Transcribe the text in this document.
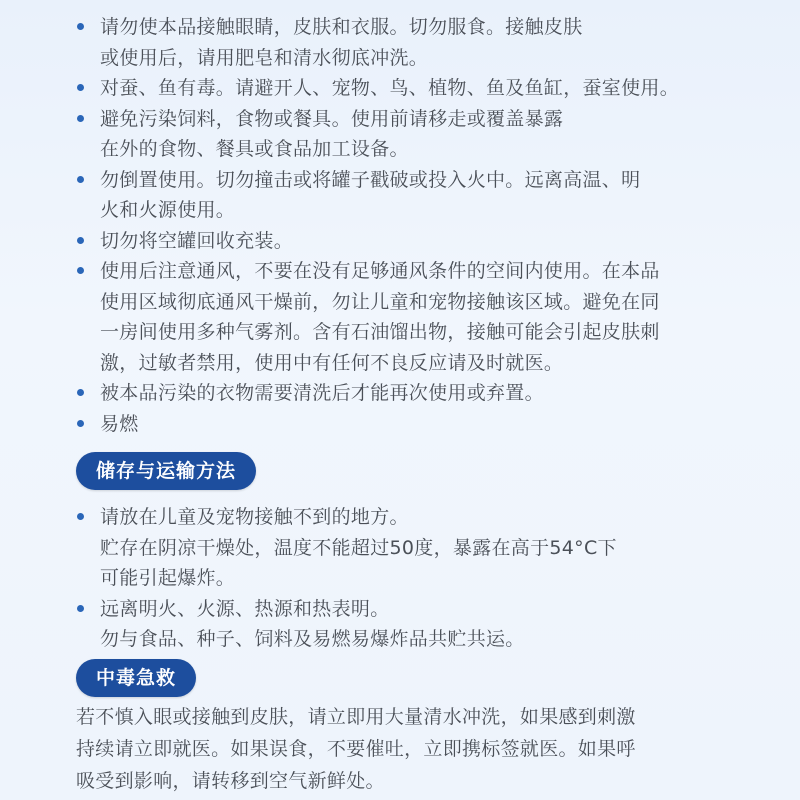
请勿使本品接触眼睛，皮肤和衣服。切勿服食。接触皮肤
或使用后，请用肥皂和清水彻底冲洗。
对蚕、鱼有毒。请避开人、宠物、鸟、植物、鱼及鱼缸，蚕室使用。
避免污染饲料，食物或餐具。使用前请移走或覆盖暴露
在外的食物、餐具或食品加工设备。
勿倒置使用。切勿撞击或将罐子戳破或投入火中。远离高温、明
火和火源使用。
切勿将空罐回收充装。
使用后注意通风，不要在没有足够通风条件的空间内使用。在本品
使用区域彻底通风干燥前，勿让儿童和宠物接触该区域。避免在同
一房间使用多种气雾剂。含有石油馏出物，接触可能会引起皮肤刺
激，过敏者禁用，使用中有任何不良反应请及时就医。
被本品污染的衣物需要清洗后才能再次使用或弃置。
易燃
储存与运输方法
请放在儿童及宠物接触不到的地方。
贮存在阴凉干燥处，温度不能超过50度，暴露在高于54°C下
可能引起爆炸。
远离明火、火源、热源和热表明。
勿与食品、种子、饲料及易燃易爆炸品共贮共运。
中毒急救
若不慎入眼或接触到皮肤，请立即用大量清水冲洗，如果感到刺激
持续请立即就医。如果误食，不要催吐，立即携标签就医。如果呼
吸受到影响，请转移到空气新鲜处。
